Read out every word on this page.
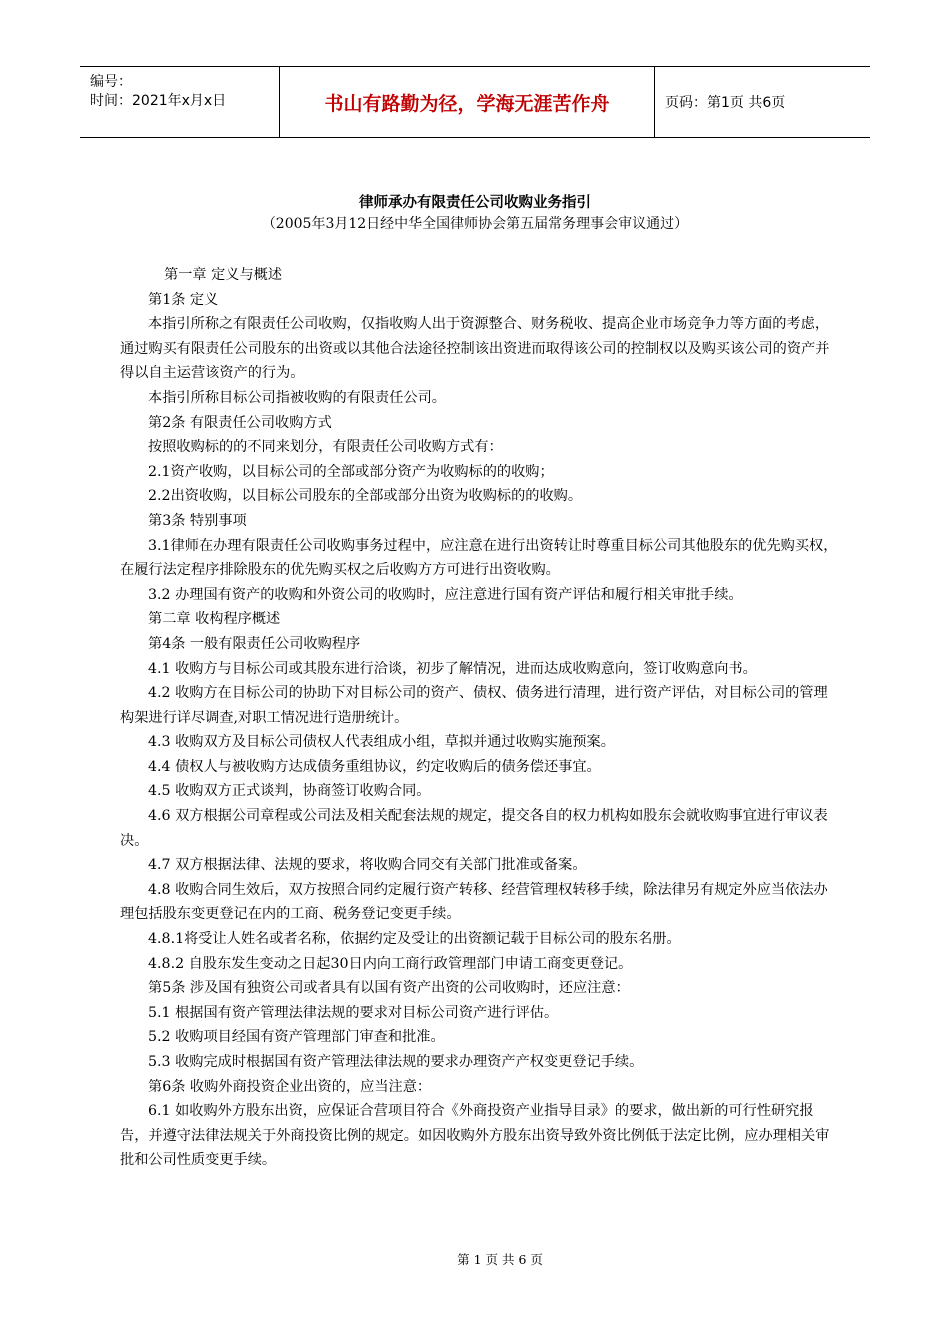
编号：
时间：2021年x月x日	书山有路勤为径，学海无涯苦作舟	页码：第1页 共6页
律师承办有限责任公司收购业务指引
（2005年3月12日经中华全国律师协会第五届常务理事会审议通过）

第一章 定义与概述

第1条 定义

本指引所称之有限责任公司收购，仅指收购人出于资源整合、财务税收、提高企业市场竞争力等方面的考虑，通过购买有限责任公司股东的出资或以其他合法途径控制该出资进而取得该公司的控制权以及购买该公司的资产并得以自主运营该资产的行为。

本指引所称目标公司指被收购的有限责任公司。

第2条 有限责任公司收购方式

按照收购标的的不同来划分，有限责任公司收购方式有：

2.1资产收购，以目标公司的全部或部分资产为收购标的的收购；

2.2出资收购，以目标公司股东的全部或部分出资为收购标的的收购。

第3条 特别事项

3.1律师在办理有限责任公司收购事务过程中，应注意在进行出资转让时尊重目标公司其他股东的优先购买权，在履行法定程序排除股东的优先购买权之后收购方方可进行出资收购。

3.2 办理国有资产的收购和外资公司的收购时，应注意进行国有资产评估和履行相关审批手续。

第二章 收构程序概述

第4条 一般有限责任公司收购程序

4.1 收购方与目标公司或其股东进行洽谈，初步了解情况，进而达成收购意向，签订收购意向书。

4.2 收购方在目标公司的协助下对目标公司的资产、债权、债务进行清理，进行资产评估，对目标公司的管理构架进行详尽调查,对职工情况进行造册统计。

4.3 收购双方及目标公司债权人代表组成小组，草拟并通过收购实施预案。

4.4 债权人与被收购方达成债务重组协议，约定收购后的债务偿还事宜。

4.5 收购双方正式谈判，协商签订收购合同。

4.6 双方根据公司章程或公司法及相关配套法规的规定，提交各自的权力机构如股东会就收购事宜进行审议表决。

4.7 双方根据法律、法规的要求，将收购合同交有关部门批准或备案。

4.8 收购合同生效后，双方按照合同约定履行资产转移、经营管理权转移手续，除法律另有规定外应当依法办理包括股东变更登记在内的工商、税务登记变更手续。

4.8.1将受让人姓名或者名称，依据约定及受让的出资额记载于目标公司的股东名册。

4.8.2 自股东发生变动之日起30日内向工商行政管理部门申请工商变更登记。

第5条 涉及国有独资公司或者具有以国有资产出资的公司收购时，还应注意：

5.1 根据国有资产管理法律法规的要求对目标公司资产进行评估。

5.2 收购项目经国有资产管理部门审查和批准。

5.3 收购完成时根据国有资产管理法律法规的要求办理资产产权变更登记手续。

第6条 收购外商投资企业出资的，应当注意：

6.1 如收购外方股东出资，应保证合营项目符合《外商投资产业指导目录》的要求，做出新的可行性研究报告，并遵守法律法规关于外商投资比例的规定。如因收购外方股东出资导致外资比例低于法定比例，应办理相关审批和公司性质变更手续。

第 1 页 共 6 页
